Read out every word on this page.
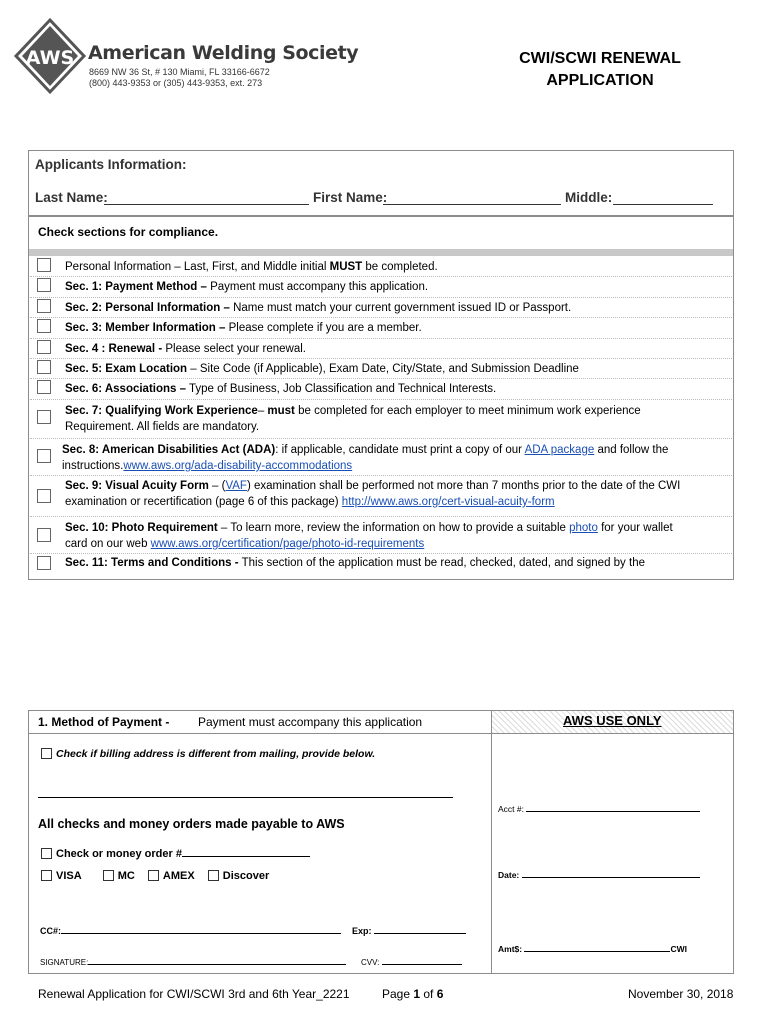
AWS American Welding Society
8669 NW 36 St, # 130 Miami, FL 33166-6672
(800) 443-9353 or (305) 443-9353, ext. 273
CWI/SCWI RENEWAL
APPLICATION
Applicants Information:
Last Name:	First Name:	Middle:
Check sections for compliance.
Personal Information – Last, First, and Middle initial MUST be completed.
Sec. 1: Payment Method – Payment must accompany this application.
Sec. 2: Personal Information – Name must match your current government issued ID or Passport.
Sec. 3: Member Information – Please complete if you are a member.
Sec. 4 : Renewal - Please select your renewal.
Sec. 5: Exam Location – Site Code (if Applicable), Exam Date, City/State, and Submission Deadline
Sec. 6: Associations – Type of Business, Job Classification and Technical Interests.
Sec. 7: Qualifying Work Experience– must be completed for each employer to meet minimum work experience
Requirement. All fields are mandatory.
Sec. 8: American Disabilities Act (ADA): if applicable, candidate must print a copy of our ADA package and follow the
instructions.www.aws.org/ada-disability-accommodations
Sec. 9: Visual Acuity Form – (VAF) examination shall be performed not more than 7 months prior to the date of the CWI
examination or recertification (page 6 of this package) http://www.aws.org/cert-visual-acuity-form
Sec. 10: Photo Requirement – To learn more, review the information on how to provide a suitable photo for your wallet
card on our web www.aws.org/certification/page/photo-id-requirements
Sec. 11: Terms and Conditions - This section of the application must be read, checked, dated, and signed by the
1. Method of Payment - Payment must accompany this application	AWS USE ONLY
Check if billing address is different from mailing, provide below.
All checks and money orders made payable to AWS
Check or money order #
VISA	MC	AMEX	Discover
CC#:	Exp:
SIGNATURE:	CVV:
Acct #:
Date:
Amt$:	CWI
Renewal Application for CWI/SCWI 3rd and 6th Year_2221	Page 1 of 6	November 30, 2018
